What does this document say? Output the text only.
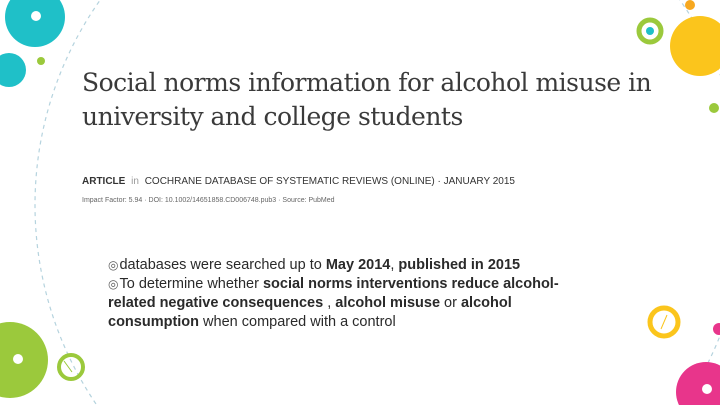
Social norms information for alcohol misuse in university and college students
ARTICLE in COCHRANE DATABASE OF SYSTEMATIC REVIEWS (ONLINE) · JANUARY 2015
Impact Factor: 5.94 · DOI: 10.1002/14651858.CD006748.pub3 · Source: PubMed

◎databases were searched up to May 2014, published in 2015

◎To determine whether social norms interventions reduce alcohol-related negative consequences , alcohol misuse or alcohol consumption when compared with a control
